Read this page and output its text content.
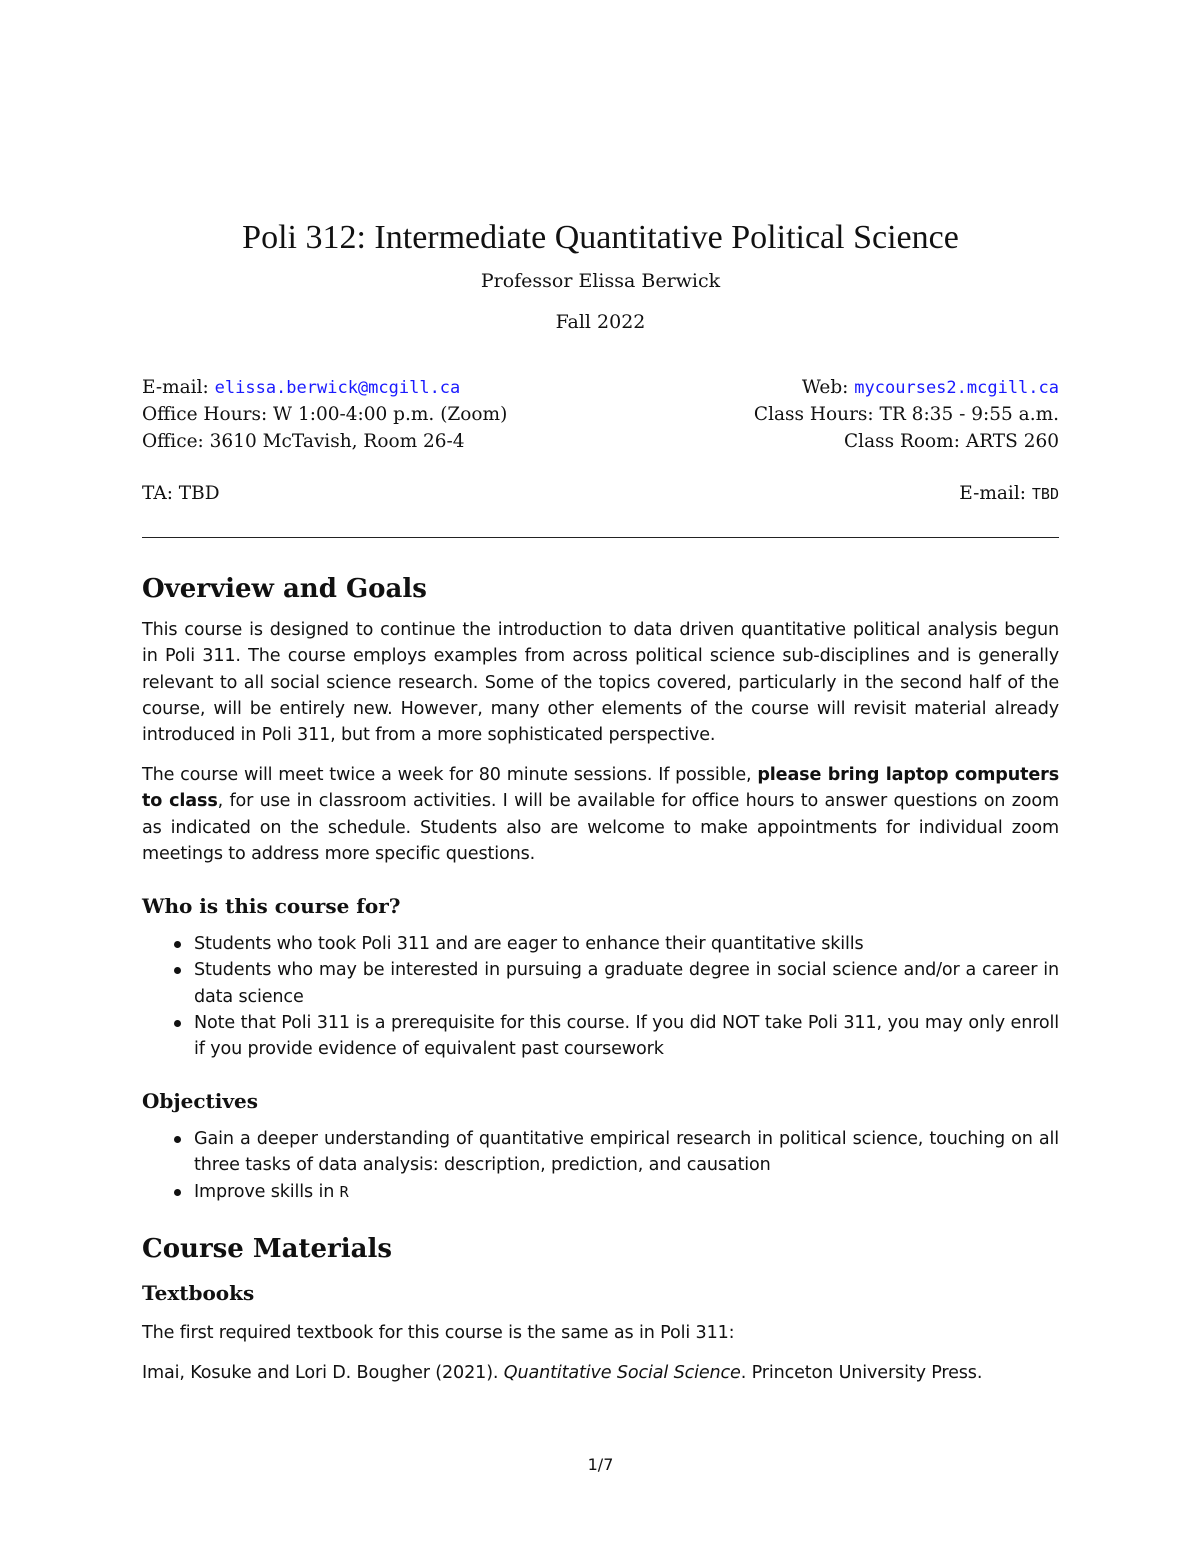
Poli 312: Intermediate Quantitative Political Science
Professor Elissa Berwick
Fall 2022
E-mail: elissa.berwick@mcgill.ca	Web: mycourses2.mcgill.ca
Office Hours: W 1:00-4:00 p.m. (Zoom)	Class Hours: TR 8:35 - 9:55 a.m.
Office: 3610 McTavish, Room 26-4	Class Room: ARTS 260
TA: TBD	E-mail: TBD
Overview and Goals

This course is designed to continue the introduction to data driven quantitative political analysis begun in Poli 311. The course employs examples from across political science sub-disciplines and is generally relevant to all social science research. Some of the topics covered, particularly in the second half of the course, will be entirely new. However, many other elements of the course will revisit material already introduced in Poli 311, but from a more sophisticated perspective.

The course will meet twice a week for 80 minute sessions. If possible, please bring laptop computers to class, for use in classroom activities. I will be available for office hours to answer questions on zoom as indicated on the schedule. Students also are welcome to make appointments for individual zoom meetings to address more specific questions.

Who is this course for?
Students who took Poli 311 and are eager to enhance their quantitative skills
Students who may be interested in pursuing a graduate degree in social science and/or a career in data science
Note that Poli 311 is a prerequisite for this course. If you did NOT take Poli 311, you may only enroll if you provide evidence of equivalent past coursework
Objectives
Gain a deeper understanding of quantitative empirical research in political science, touching on all three tasks of data analysis: description, prediction, and causation
Improve skills in R
Course Materials
Textbooks

The first required textbook for this course is the same as in Poli 311:

Imai, Kosuke and Lori D. Bougher (2021). Quantitative Social Science. Princeton University Press.

1/7
